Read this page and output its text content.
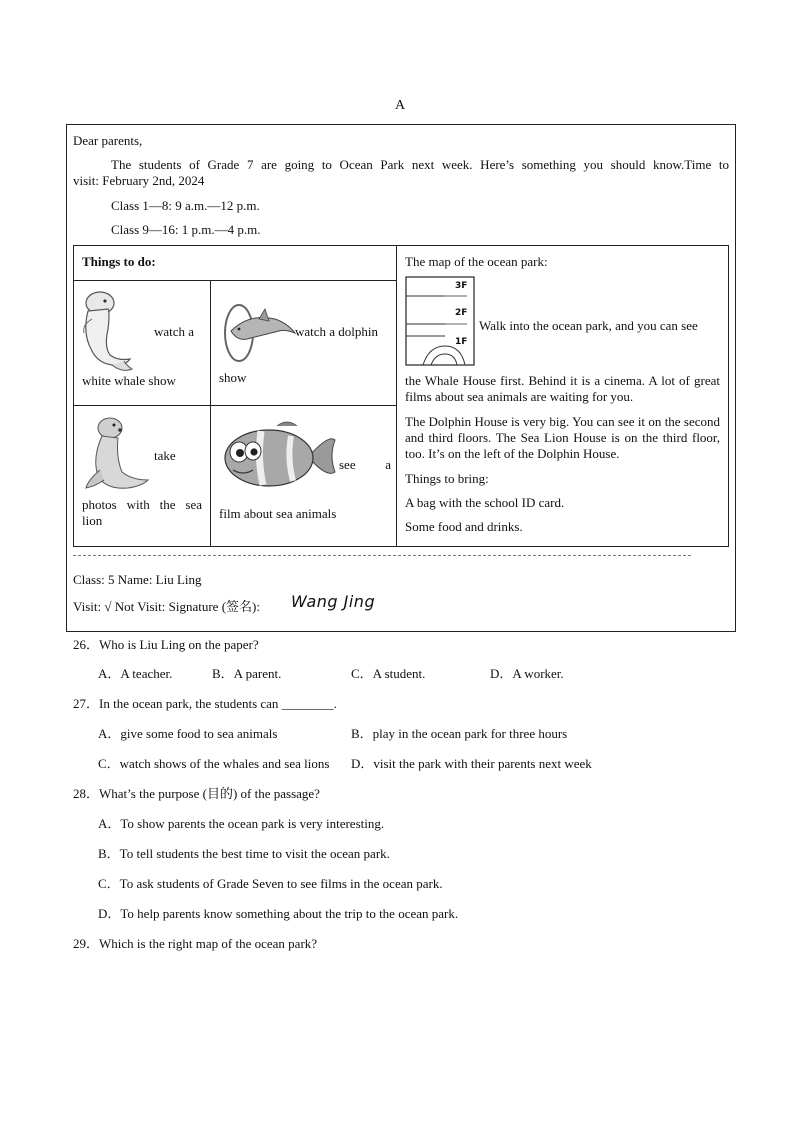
A
Dear parents,
The students of Grade 7 are going to Ocean Park next week. Here’s something you should know.Time to
visit: February 2nd, 2024
Class 1—8: 9 a.m.—12 p.m.
Class 9—16: 1 p.m.—4 p.m.
Things to do:
watch a
white whale show
watch a dolphin
show
take
photos with the sea lion
see a
film about sea animals
The map of the ocean park:
3F
2F
1F
Walk into the ocean park, and you can see
the Whale House first. Behind it is a cinema. A lot of great films about sea animals are waiting for you.
The Dolphin House is very big. You can see it on the second and third floors. The Sea Lion House is on the third floor, too. It’s on the left of the Dolphin House.
Things to bring:
A bag with the school ID card.
Some food and drinks.
Class: 5 Name: Liu Ling
Visit: √ Not Visit: Signature (签名): Wang Jing
26．Who is Liu Ling on the paper?
A．A teacher.	B．A parent.	C．A student.	D．A worker.
27．In the ocean park, the students can ________.
A．give some food to sea animals	B．play in the ocean park for three hours
C．watch shows of the whales and sea lions D．visit the park with their parents next week
28．What’s the purpose (目的) of the passage?
A．To show parents the ocean park is very interesting.
B．To tell students the best time to visit the ocean park.
C．To ask students of Grade Seven to see films in the ocean park.
D．To help parents know something about the trip to the ocean park.
29．Which is the right map of the ocean park?
